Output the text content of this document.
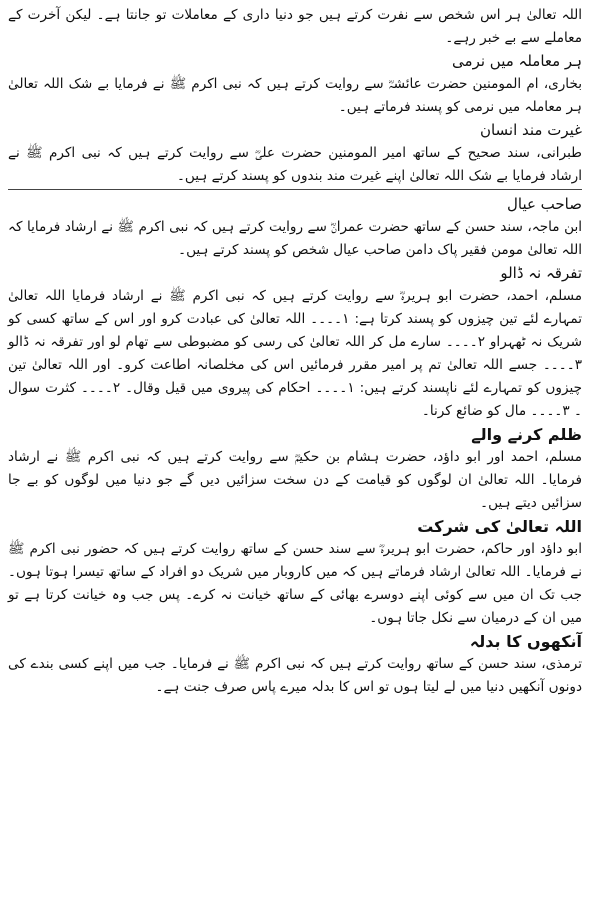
اللہ تعالیٰ ہر اس شخص سے نفرت کرتے ہیں جو دنیا داری کے معاملات تو جانتا ہے۔ لیکن آخرت کے معاملے سے بے خبر رہے۔

ہر معاملہ میں نرمی

بخاری، ام المومنین حضرت عائشہؓ سے روایت کرتے ہیں کہ نبی اکرم ﷺ نے فرمایا بے شک اللہ تعالیٰ ہر معاملہ میں نرمی کو پسند فرماتے ہیں۔

غیرت مند انسان

طبرانی، سند صحیح کے ساتھ امیر المومنین حضرت علیؓ سے روایت کرتے ہیں کہ نبی اکرم ﷺ نے ارشاد فرمایا بے شک اللہ تعالیٰ اپنے غیرت مند بندوں کو پسند کرتے ہیں۔

صاحب عیال

ابن ماجہ، سند حسن کے ساتھ حضرت عمرانؓ سے روایت کرتے ہیں کہ نبی اکرم ﷺ نے ارشاد فرمایا کہ اللہ تعالیٰ مومن فقیر پاک دامن صاحب عیال شخص کو پسند کرتے ہیں۔

تفرقہ نہ ڈالو

مسلم، احمد، حضرت ابو ہریرہؓ سے روایت کرتے ہیں کہ نبی اکرم ﷺ نے ارشاد فرمایا اللہ تعالیٰ تمہارے لئے تین چیزوں کو پسند کرتا ہے: ۱۔۔۔۔ اللہ تعالیٰ کی عبادت کرو اور اس کے ساتھ کسی کو شریک نہ ٹھہراو ۲۔۔۔۔ سارے مل کر اللہ تعالیٰ کی رسی کو مضبوطی سے تھام لو اور تفرقہ نہ ڈالو ۳۔۔۔۔ جسے اللہ تعالیٰ تم پر امیر مقرر فرمائیں اس کی مخلصانہ اطاعت کرو۔ اور اللہ تعالیٰ تین چیزوں کو تمہارے لئے ناپسند کرتے ہیں: ۱۔۔۔۔ احکام کی پیروی میں قیل وقال۔ ۲۔۔۔۔ کثرت سوال ۔ ۳۔۔۔۔ مال کو ضائع کرنا۔

ظلم کرنے والے

مسلم، احمد اور ابو داؤد، حضرت ہشام بن حکیمؓ سے روایت کرتے ہیں کہ نبی اکرم ﷺ نے ارشاد فرمایا۔ اللہ تعالیٰ ان لوگوں کو قیامت کے دن سخت سزائیں دیں گے جو دنیا میں لوگوں کو بے جا سزائیں دیتے ہیں۔

اللہ تعالیٰ کی شرکت

ابو داؤد اور حاکم، حضرت ابو ہریرہؓ سے سند حسن کے ساتھ روایت کرتے ہیں کہ حضور نبی اکرم ﷺ نے فرمایا۔ اللہ تعالیٰ ارشاد فرماتے ہیں کہ میں کاروبار میں شریک دو افراد کے ساتھ تیسرا ہوتا ہوں۔ جب تک ان میں سے کوئی اپنے دوسرے بھائی کے ساتھ خیانت نہ کرے۔ پس جب وہ خیانت کرتا ہے تو میں ان کے درمیان سے نکل جاتا ہوں۔

آنکھوں کا بدلہ

ترمذی، سند حسن کے ساتھ روایت کرتے ہیں کہ نبی اکرم ﷺ نے فرمایا۔ جب میں اپنے کسی بندے کی دونوں آنکھیں دنیا میں لے لیتا ہوں تو اس کا بدلہ میرے پاس صرف جنت ہے۔
